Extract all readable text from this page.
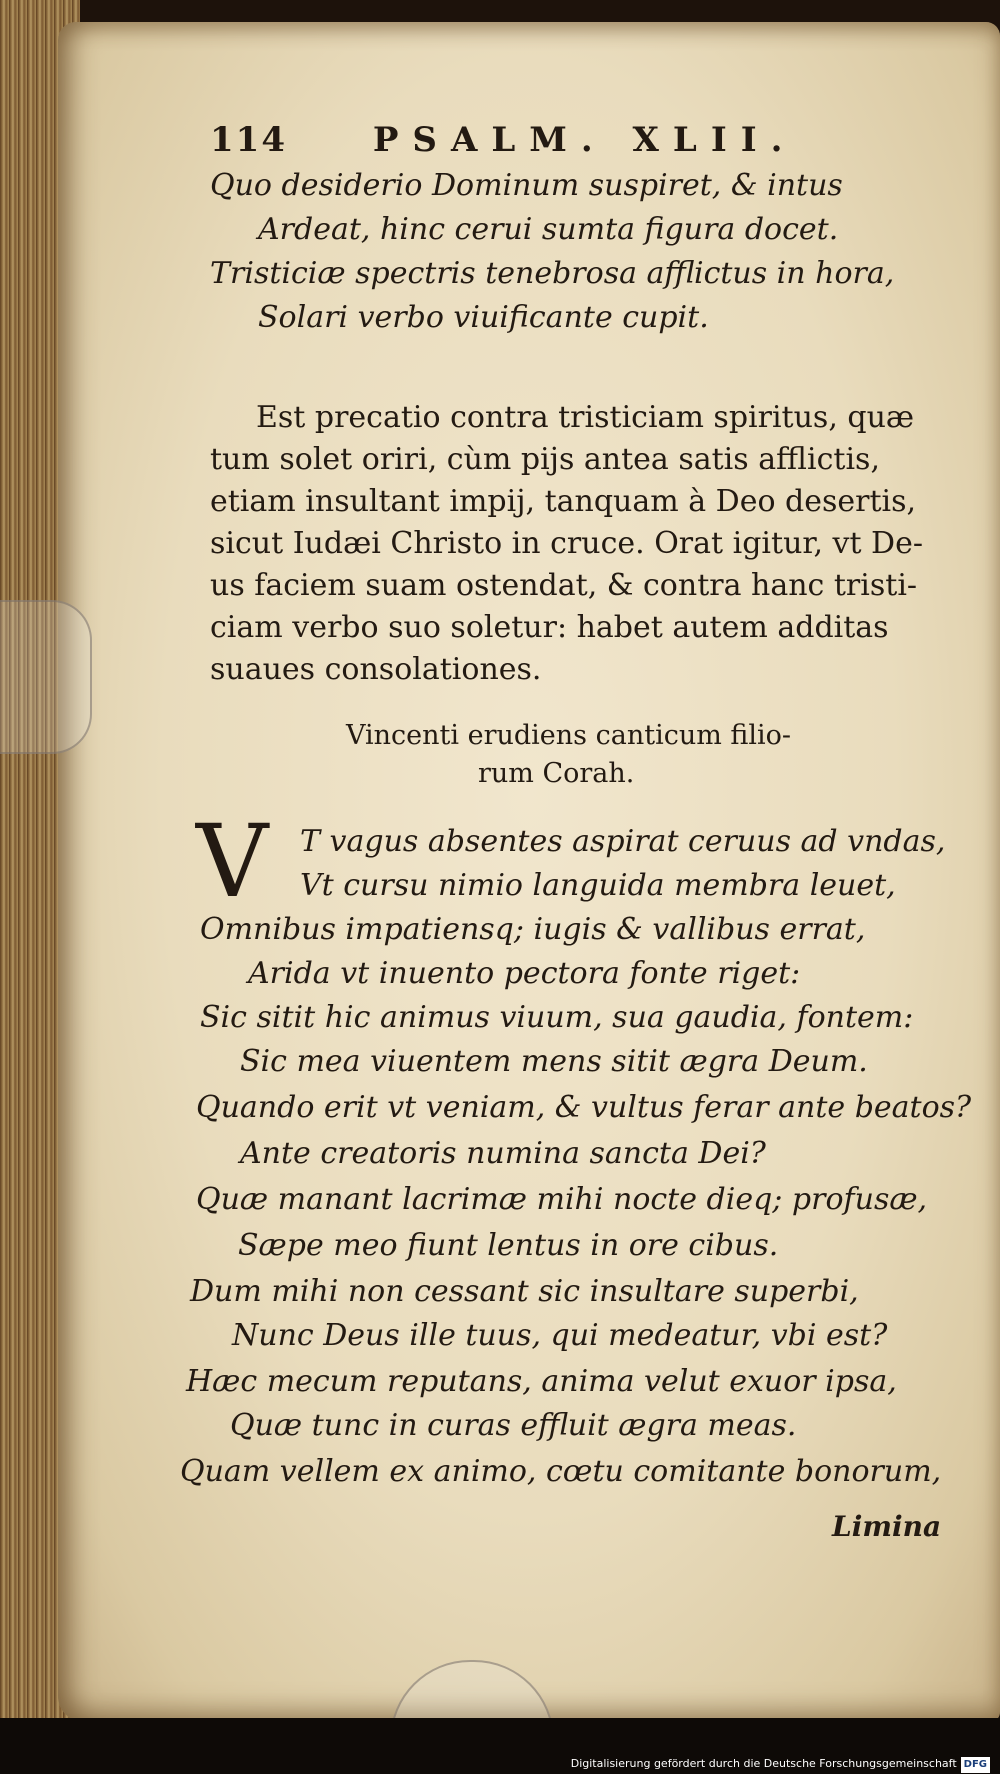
114	PSALM. XLII.
Quo desiderio Dominum suspiret, & intus
Ardeat, hinc cerui sumta figura docet.
Tristiciæ spectris tenebrosa afflictus in hora,
Solari verbo viuificante cupit.
Est precatio contra tristiciam spiritus, quæ
tum solet oriri, cùm pijs antea satis afflictis,
etiam insultant impij, tanquam à Deo desertis,
sicut Iudæi Christo in cruce. Orat igitur, vt De-
us faciem suam ostendat, & contra hanc tristi-
ciam verbo suo soletur: habet autem additas
suaues consolationes.
Vincenti erudiens canticum filio-
rum Corah.
V T vagus absentes aspirat ceruus ad vndas,
Vt cursu nimio languida membra leuet,
Omnibus impatiensq; iugis & vallibus errat,
Arida vt inuento pectora fonte riget:
Sic sitit hic animus viuum, sua gaudia, fontem:
Sic mea viuentem mens sitit ægra Deum.
Quando erit vt veniam, & vultus ferar ante beatos?
Ante creatoris numina sancta Dei?
Quæ manant lacrimæ mihi nocte dieq; profusæ,
Sæpe meo fiunt lentus in ore cibus.
Dum mihi non cessant sic insultare superbi,
Nunc Deus ille tuus, qui medeatur, vbi est?
Hæc mecum reputans, anima velut exuor ipsa,
Quæ tunc in curas effluit ægra meas.
Quam vellem ex animo, cœtu comitante bonorum,
Limina
Digitalisierung gefördert durch die Deutsche Forschungsgemeinschaft DFG
